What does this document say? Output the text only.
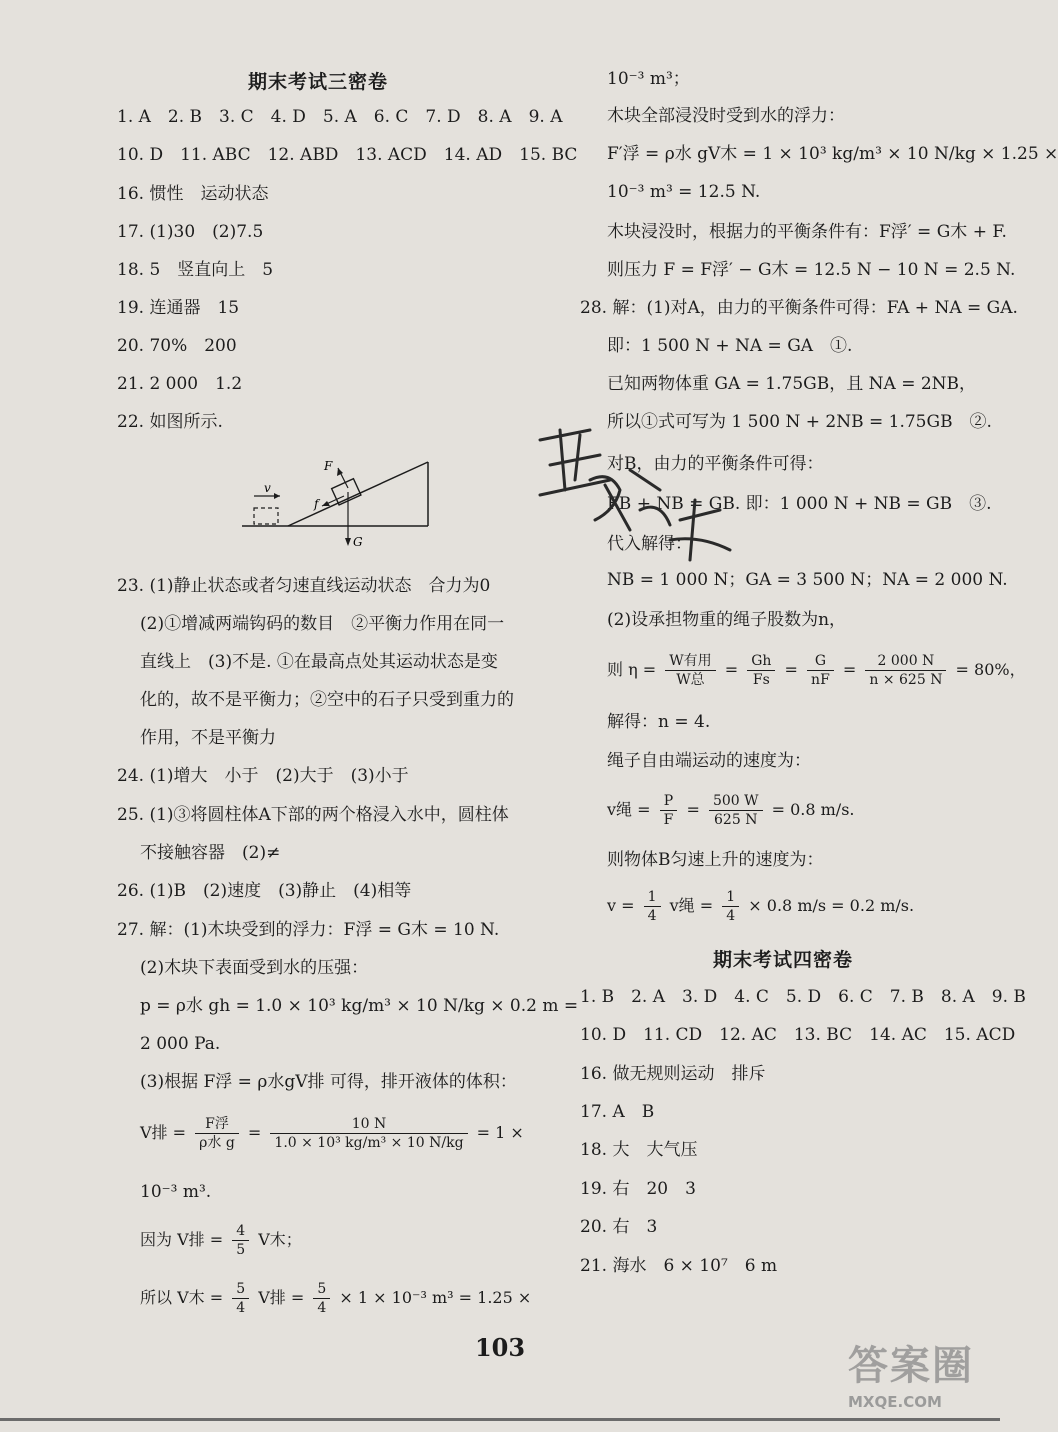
期末考试三密卷
1. A　2. B　3. C　4. D　5. A　6. C　7. D　8. A　9. A
10. D　11. ABC　12. ABD　13. ACD　14. AD　15. BC
16. 惯性　运动状态
17. (1)30　(2)7.5
18. 5　竖直向上　5
19. 连通器　15
20. 70%　200
21. 2 000　1.2
22. 如图所示.
v
F
f
G
23. (1)静止状态或者匀速直线运动状态　合力为0
(2)①增减两端钩码的数目　②平衡力作用在同一
直线上　(3)不是. ①在最高点处其运动状态是变
化的，故不是平衡力；②空中的石子只受到重力的
作用，不是平衡力
24. (1)增大　小于　(2)大于　(3)小于
25. (1)③将圆柱体A下部的两个格浸入水中，圆柱体
不接触容器　(2)≠
26. (1)B　(2)速度　(3)静止　(4)相等
27. 解：(1)木块受到的浮力：F浮 = G木 = 10 N.
(2)木块下表面受到水的压强：
p = ρ水 gh = 1.0 × 10³ kg/m³ × 10 N/kg × 0.2 m =
2 000 Pa.
(3)根据 F浮 = ρ水gV排 可得，排开液体的体积：
V排 = $\frac{\text{F浮}}{\text{ρ水 g}} = \frac{10 N}{\text{1.0 × 10³ kg/m³ × 10 N/kg}} = 1$ ×
10⁻³ m³.
因为 V排 = $\frac{4}{5}$ V木；
所以 V木 = $\frac{5}{4}$ V排 = $\frac{5}{4} \times 1 \times 10^{-3}$ m³ = 1.25 ×
10⁻³ m³；
木块全部浸没时受到水的浮力：
F′浮 = ρ水 gV木 = 1 × 10³ kg/m³ × 10 N/kg × 1.25 ×
10⁻³ m³ = 12.5 N.
木块浸没时，根据力的平衡条件有：F浮′ = G木 + F.
则压力 F = F浮′ − G木 = 12.5 N − 10 N = 2.5 N.
28. 解：(1)对A，由力的平衡条件可得：FA + NA = GA.
即：1 500 N + NA = GA　①.
已知两物体重 GA = 1.75GB，且 NA = 2NB，
所以①式可写为 1 500 N + 2NB = 1.75GB　②.
对B，由力的平衡条件可得：
FB + NB = GB. 即：1 000 N + NB = GB　③.
代入解得：
NB = 1 000 N；GA = 3 500 N；NA = 2 000 N.
(2)设承担物重的绳子股数为n，
则 $\eta = \frac{\text{W有用}}{\text{W总}} = \frac{Gh}{Fs} = \frac{G}{nF} = \frac{2 000 N}{n \times 625 N} = 80\%$，
解得：n = 4.
绳子自由端运动的速度为：
v绳 = $\frac{P}{F} = \frac{500 W}{625 N} = 0.8$ m/s.
则物体B匀速上升的速度为：
$v = \frac{1}{4}$ v绳 = $\frac{1}{4} \times 0.8$ m/s = 0.2 m/s.
期末考试四密卷
1. B　2. A　3. D　4. C　5. D　6. C　7. B　8. A　9. B
10. D　11. CD　12. AC　13. BC　14. AC　15. ACD
16. 做无规则运动　排斥
17. A　B
18. 大　大气压
19. 右　20　3
20. 右　3
21. 海水　6 × 10⁷　6 m
103	答案圈
MXQE.COM
